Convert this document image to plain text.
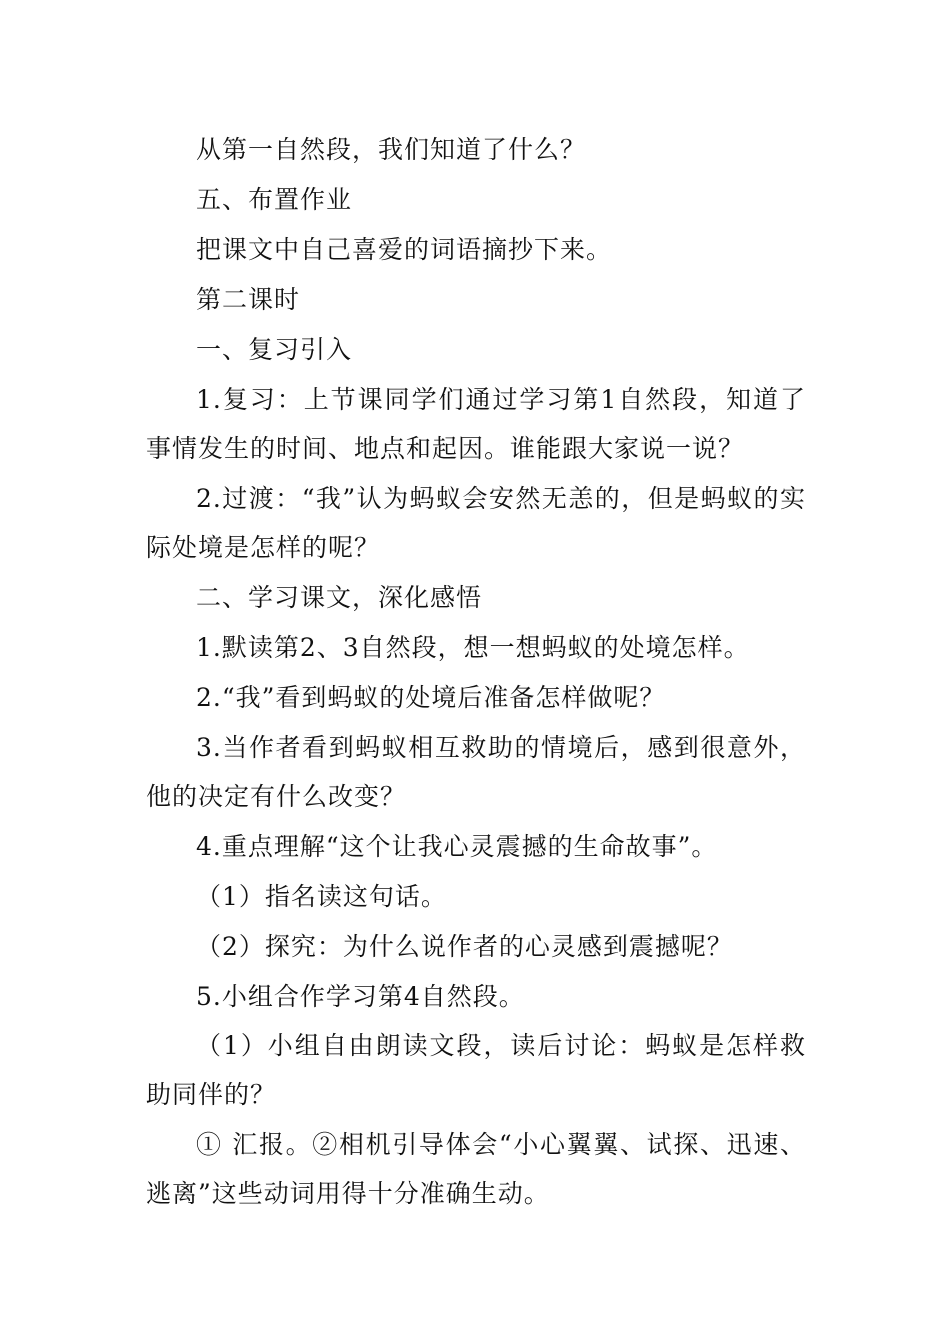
从第一自然段，我们知道了什么？
五、布置作业
把课文中自己喜爱的词语摘抄下来。
第二课时
一、复习引入
1.复习：上节课同学们通过学习第1自然段，知道了事情发生的时间、地点和起因。谁能跟大家说一说？
2.过渡：“我”认为蚂蚁会安然无恙的，但是蚂蚁的实际处境是怎样的呢？
二、学习课文，深化感悟
1.默读第2、3自然段，想一想蚂蚁的处境怎样。
2.“我”看到蚂蚁的处境后准备怎样做呢？
3.当作者看到蚂蚁相互救助的情境后，感到很意外，他的决定有什么改变？
4.重点理解“这个让我心灵震撼的生命故事”。
（1）指名读这句话。
（2）探究：为什么说作者的心灵感到震撼呢？
5.小组合作学习第4自然段。
（1）小组自由朗读文段，读后讨论：蚂蚁是怎样救助同伴的？
① 汇报。②相机引导体会“小心翼翼、试探、迅速、逃离”这些动词用得十分准确生动。
